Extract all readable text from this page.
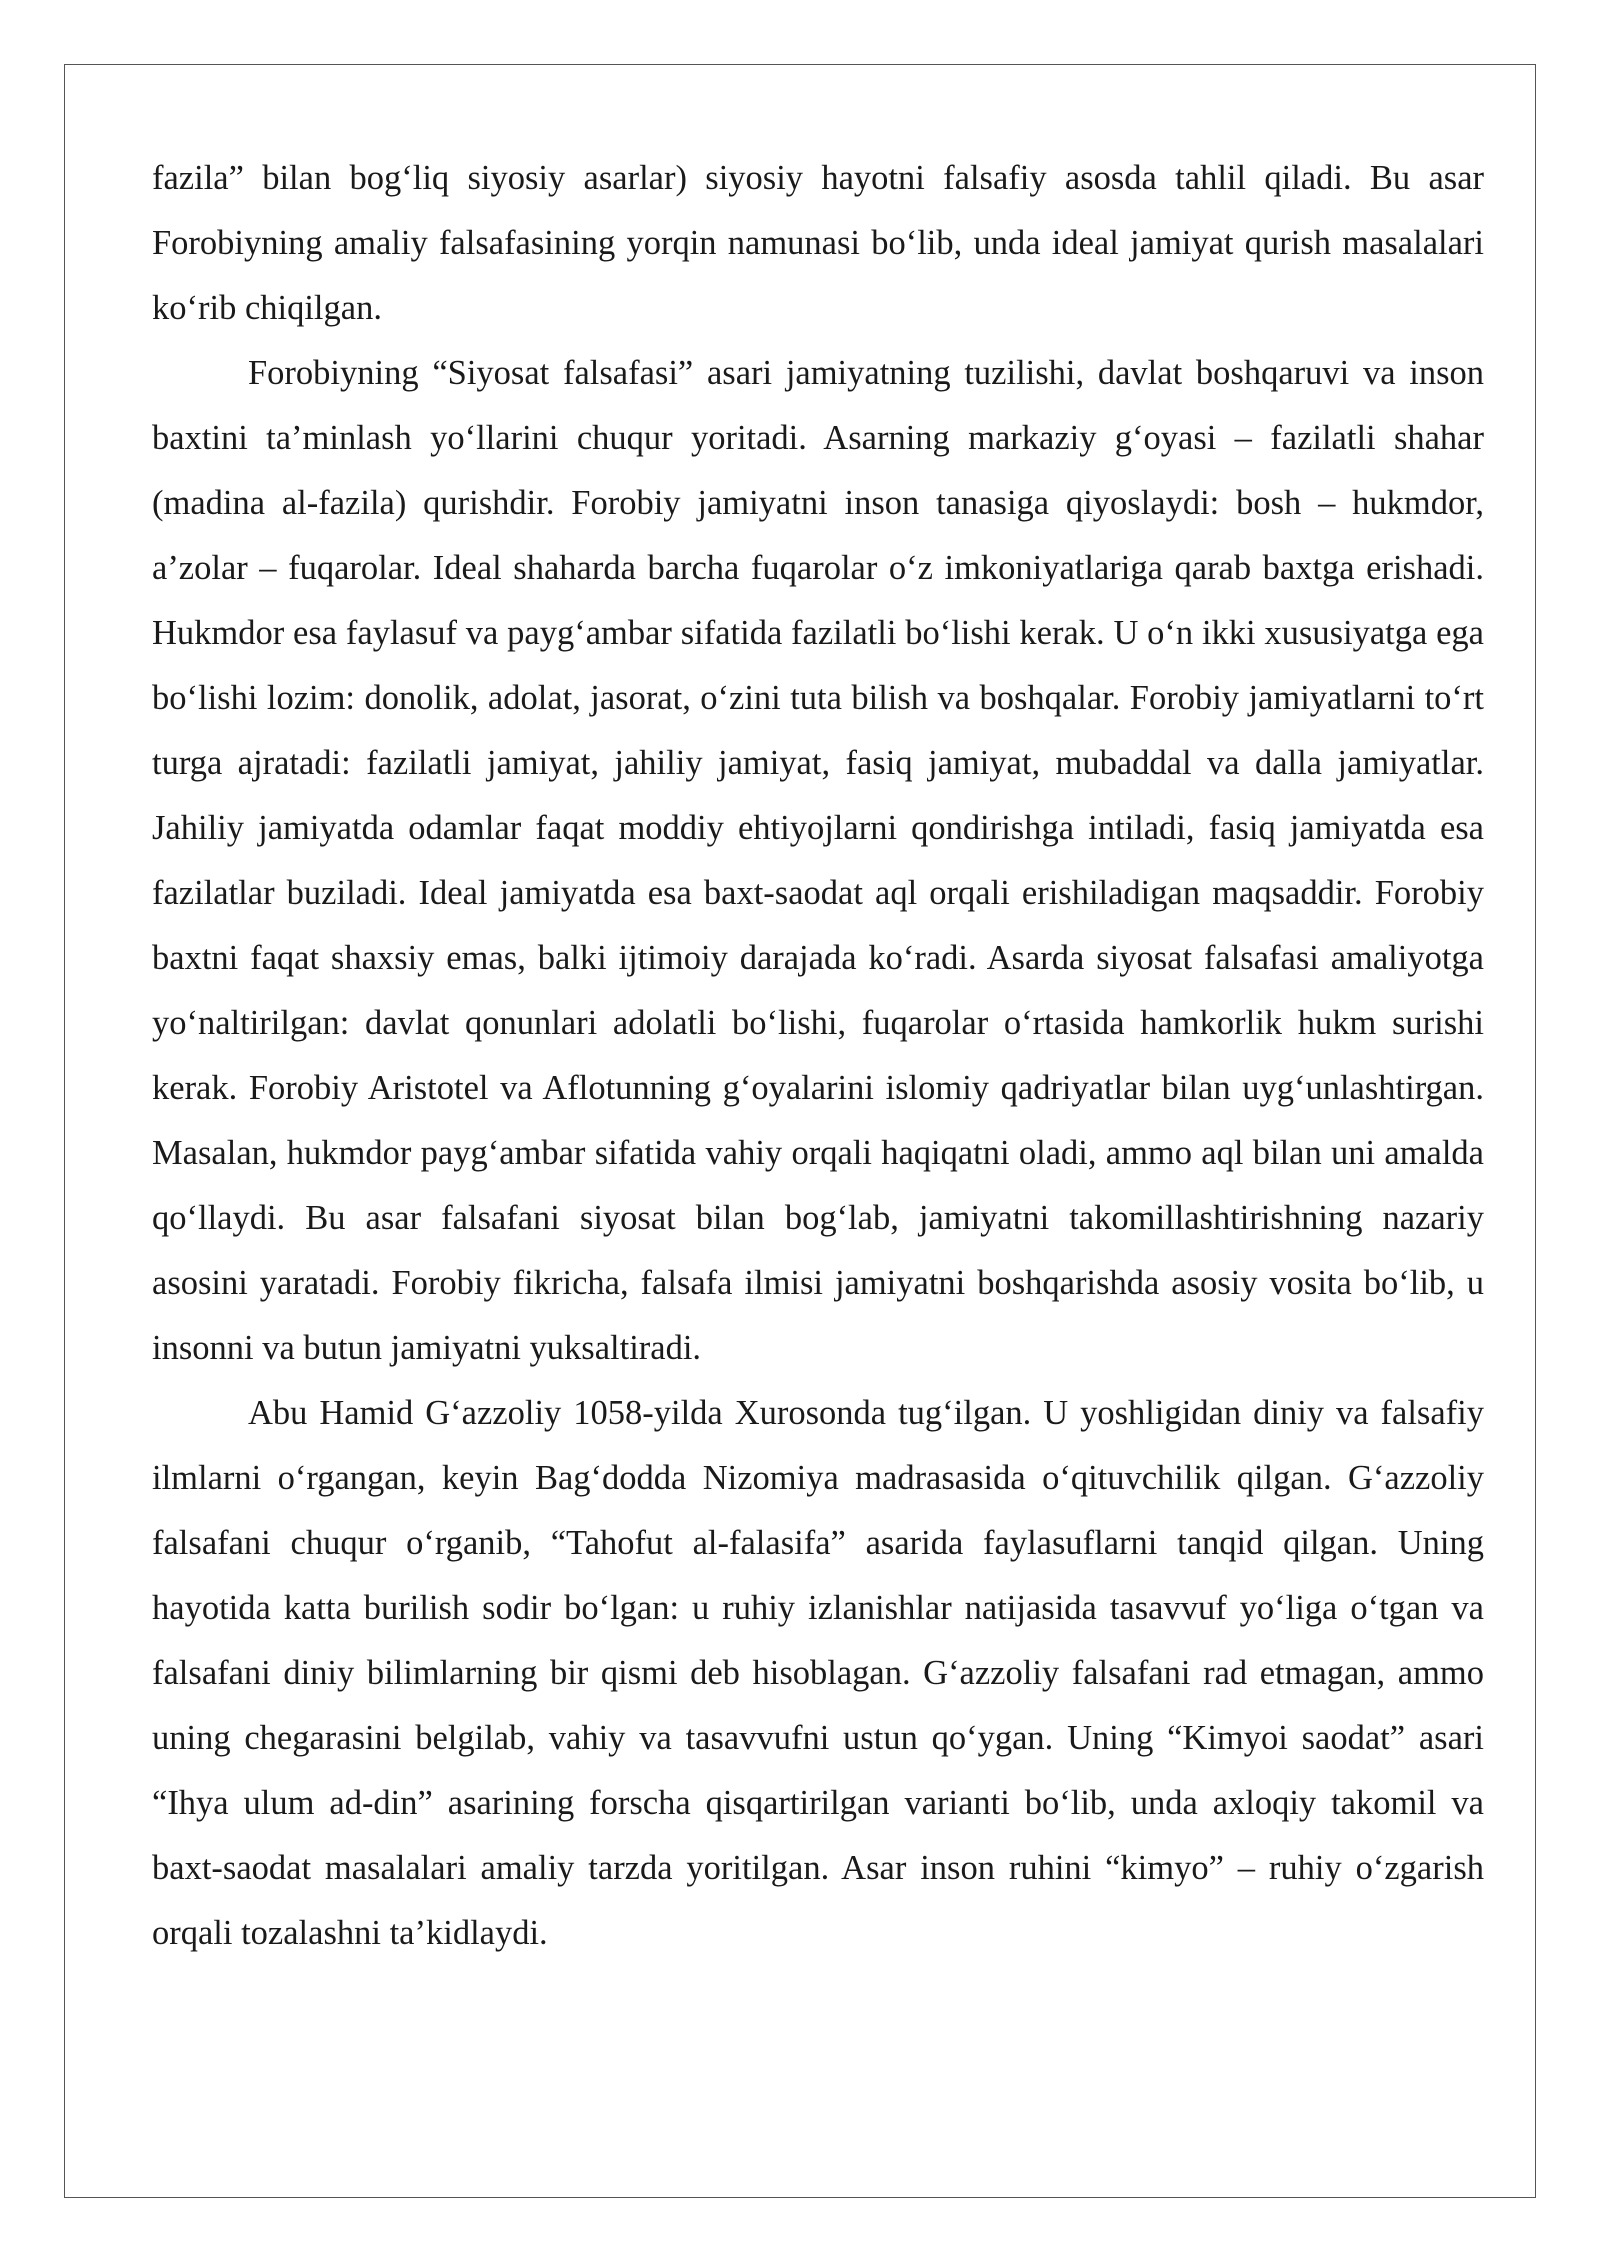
fazila” bilan bog‘liq siyosiy asarlar) siyosiy hayotni falsafiy asosda tahlil qiladi. Bu asar Forobiyning amaliy falsafasining yorqin namunasi bo‘lib, unda ideal jamiyat qurish masalalari ko‘rib chiqilgan.

Forobiyning “Siyosat falsafasi” asari jamiyatning tuzilishi, davlat boshqaruvi va inson baxtini ta’minlash yo‘llarini chuqur yoritadi. Asarning markaziy g‘oyasi – fazilatli shahar (madina al-fazila) qurishdir. Forobiy jamiyatni inson tanasiga qiyoslaydi: bosh – hukmdor, a’zolar – fuqarolar. Ideal shaharda barcha fuqarolar o‘z imkoniyatlariga qarab baxtga erishadi. Hukmdor esa faylasuf va payg‘ambar sifatida fazilatli bo‘lishi kerak. U o‘n ikki xususiyatga ega bo‘lishi lozim: donolik, adolat, jasorat, o‘zini tuta bilish va boshqalar. Forobiy jamiyatlarni to‘rt turga ajratadi: fazilatli jamiyat, jahiliy jamiyat, fasiq jamiyat, mubaddal va dalla jamiyatlar. Jahiliy jamiyatda odamlar faqat moddiy ehtiyojlarni qondirishga intiladi, fasiq jamiyatda esa fazilatlar buziladi. Ideal jamiyatda esa baxt-saodat aql orqali erishiladigan maqsaddir. Forobiy baxtni faqat shaxsiy emas, balki ijtimoiy darajada ko‘radi. Asarda siyosat falsafasi amaliyotga yo‘naltirilgan: davlat qonunlari adolatli bo‘lishi, fuqarolar o‘rtasida hamkorlik hukm surishi kerak. Forobiy Aristotel va Aflotunning g‘oyalarini islomiy qadriyatlar bilan uyg‘unlashtirgan. Masalan, hukmdor payg‘ambar sifatida vahiy orqali haqiqatni oladi, ammo aql bilan uni amalda qo‘llaydi. Bu asar falsafani siyosat bilan bog‘lab, jamiyatni takomillashtirishning nazariy asosini yaratadi. Forobiy fikricha, falsafa ilmisi jamiyatni boshqarishda asosiy vosita bo‘lib, u insonni va butun jamiyatni yuksaltiradi.

Abu Hamid G‘azzoliy 1058-yilda Xurosonda tug‘ilgan. U yoshligidan diniy va falsafiy ilmlarni o‘rgangan, keyin Bag‘dodda Nizomiya madrasasida o‘qituvchilik qilgan. G‘azzoliy falsafani chuqur o‘rganib, “Tahofut al-falasifa” asarida faylasuflarni tanqid qilgan. Uning hayotida katta burilish sodir bo‘lgan: u ruhiy izlanishlar natijasida tasavvuf yo‘liga o‘tgan va falsafani diniy bilimlarning bir qismi deb hisoblagan. G‘azzoliy falsafani rad etmagan, ammo uning chegarasini belgilab, vahiy va tasavvufni ustun qo‘ygan. Uning “Kimyoi saodat” asari “Ihya ulum ad-din” asarining forscha qisqartirilgan varianti bo‘lib, unda axloqiy takomil va baxt-saodat masalalari amaliy tarzda yoritilgan. Asar inson ruhini “kimyo” – ruhiy o‘zgarish orqali tozalashni ta’kidlaydi.
